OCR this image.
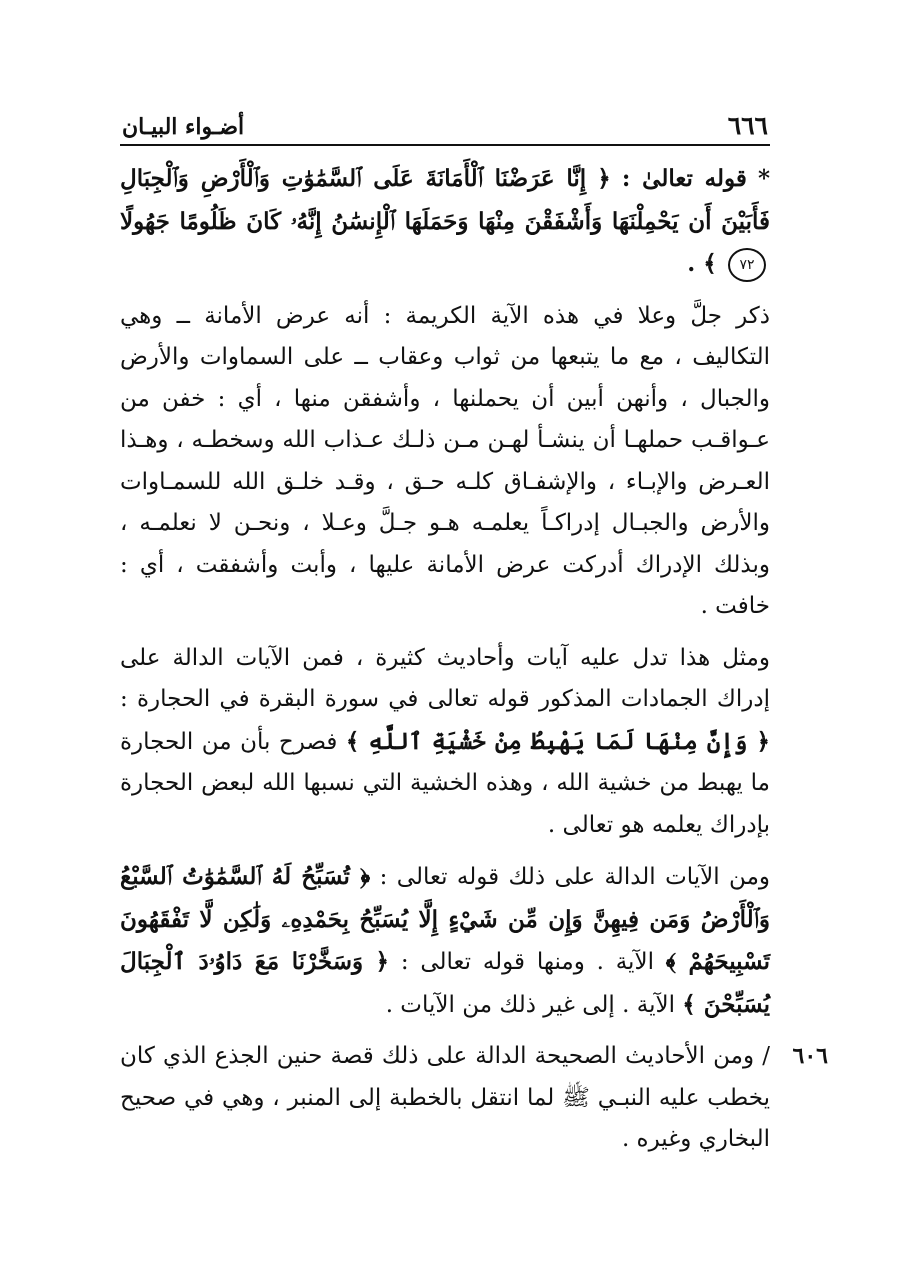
٦٦٦
أضـواء البيـان

* قوله تعالىٰ : ﴿ إِنَّا عَرَضْنَا ٱلْأَمَانَةَ عَلَى ٱلسَّمَٰوَٰتِ وَٱلْأَرْضِ وَٱلْجِبَالِ فَأَبَيْنَ أَن يَحْمِلْنَهَا وَأَشْفَقْنَ مِنْهَا وَحَمَلَهَا ٱلْإِنسَٰنُ إِنَّهُۥ كَانَ ظَلُومًا جَهُولًا ٧٢ ﴾ .

ذكر جلَّ وعلا في هذه الآية الكريمة : أنه عرض الأمانة ــ وهي التكاليف ، مع ما يتبعها من ثواب وعقاب ــ على السماوات والأرض والجبال ، وأنهن أبين أن يحملنها ، وأشفقن منها ، أي : خفن من عـواقـب حملهـا أن ينشـأ لهـن مـن ذلـك عـذاب الله وسخطـه ، وهـذا العـرض والإبـاء ، والإشفـاق كلـه حـق ، وقـد خلـق الله للسمـاوات والأرض والجبـال إدراكـاً يعلمـه هـو جـلَّ وعـلا ، ونحـن لا نعلمـه ، وبذلك الإدراك أدركت عرض الأمانة عليها ، وأبت وأشفقت ، أي : خافت .

ومثل هذا تدل عليه آيات وأحاديث كثيرة ، فمن الآيات الدالة على إدراك الجمادات المذكور قوله تعالى في سورة البقرة في الحجارة : ﴿ وَإِنَّ مِنْهَا لَمَا يَهْبِطُ مِنْ خَشْيَةِ ٱللَّهِ ﴾ فصرح بأن من الحجارة ما يهبط من خشية الله ، وهذه الخشية التي نسبها الله لبعض الحجارة بإدراك يعلمه هو تعالى .

ومن الآيات الدالة على ذلك قوله تعالى : ﴿ تُسَبِّحُ لَهُ ٱلسَّمَٰوَٰتُ ٱلسَّبْعُ وَٱلْأَرْضُ وَمَن فِيهِنَّ وَإِن مِّن شَيْءٍ إِلَّا يُسَبِّحُ بِحَمْدِهِۦ وَلَٰكِن لَّا تَفْقَهُونَ تَسْبِيحَهُمْ ﴾ الآية . ومنها قوله تعالى : ﴿ وَسَخَّرْنَا مَعَ دَاوُۥدَ ٱلْجِبَالَ يُسَبِّحْنَ ﴾ الآية . إلى غير ذلك من الآيات .

٦٠٦
/ ومن الأحاديث الصحيحة الدالة على ذلك قصة حنين الجذع الذي كان يخطب عليه النبـي ﷺ لما انتقل بالخطبة إلى المنبر ، وهي في صحيح البخاري وغيره .
